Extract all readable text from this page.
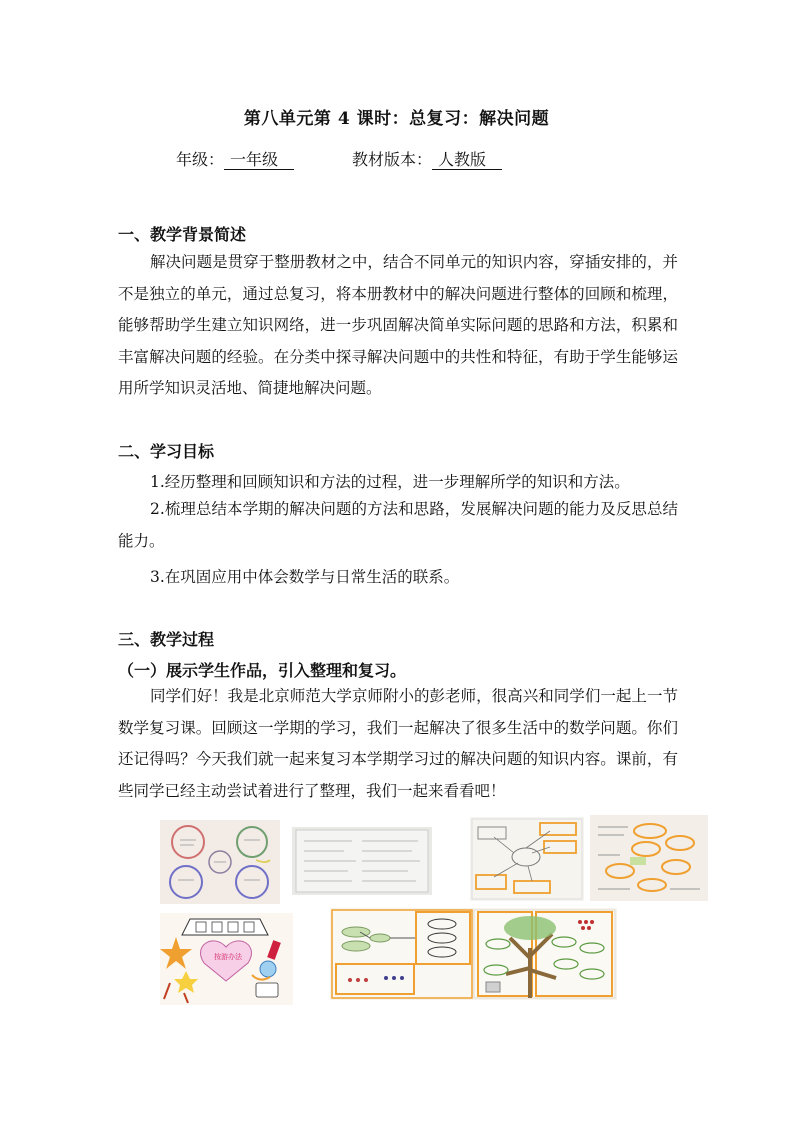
第八单元第 4 课时：总复习：解决问题
年级： 一年级	教材版本： 人教版
一、教学背景简述

解决问题是贯穿于整册教材之中，结合不同单元的知识内容，穿插安排的，并不是独立的单元，通过总复习，将本册教材中的解决问题进行整体的回顾和梳理，能够帮助学生建立知识网络，进一步巩固解决简单实际问题的思路和方法，积累和丰富解决问题的经验。在分类中探寻解决问题中的共性和特征，有助于学生能够运用所学知识灵活地、简捷地解决问题。

二、学习目标
1.经历整理和回顾知识和方法的过程，进一步理解所学的知识和方法。

2.梳理总结本学期的解决问题的方法和思路，发展解决问题的能力及反思总结能力。

3.在巩固应用中体会数学与日常生活的联系。
三、教学过程
（一）展示学生作品，引入整理和复习。

同学们好！我是北京师范大学京师附小的彭老师，很高兴和同学们一起上一节数学复习课。回顾这一学期的学习，我们一起解决了很多生活中的数学问题。你们还记得吗？今天我们就一起来复习本学期学习过的解决问题的知识内容。课前，有些同学已经主动尝试着进行了整理，我们一起来看看吧！

按游办法
